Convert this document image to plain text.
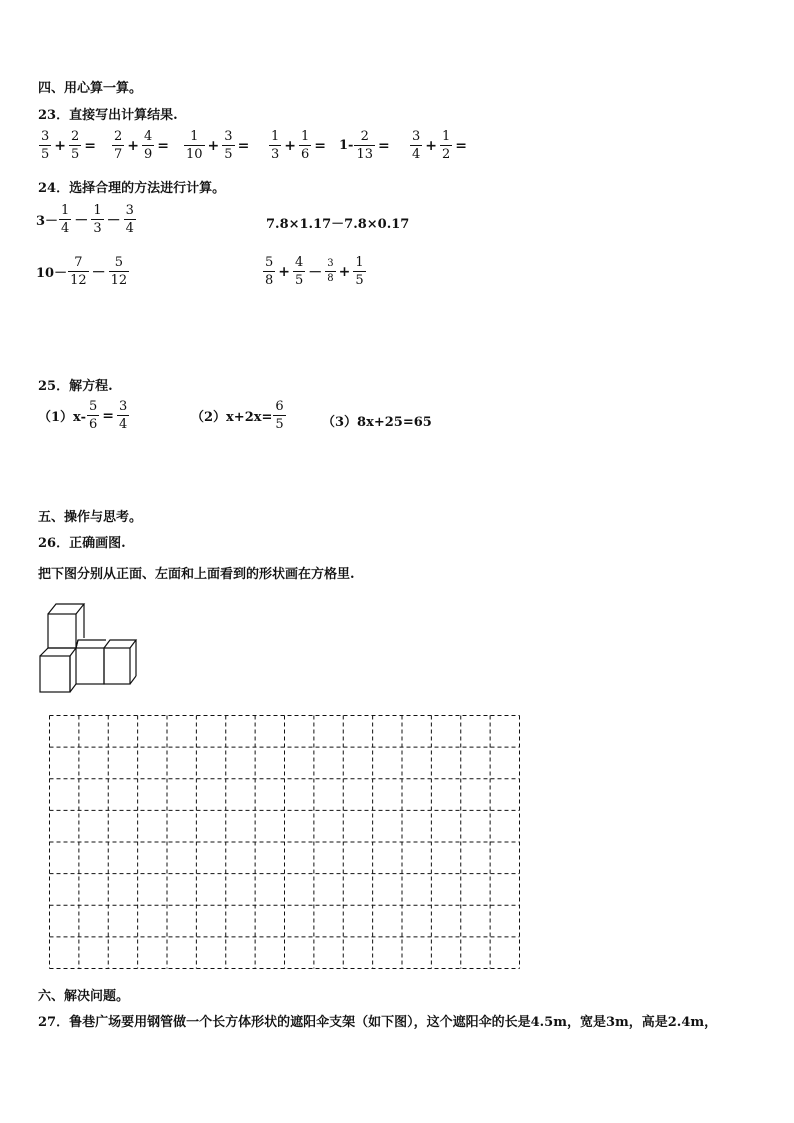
四、用心算一算。
23．直接写出计算结果.
$\frac{3}{5} + \frac{2}{5} = \frac{2}{7} + \frac{4}{9} = \frac{1}{10} + \frac{3}{5} = \frac{1}{3} + \frac{1}{6} = 1- \frac{2}{13} = \frac{3}{4} + \frac{1}{2}$ =
24．选择合理的方法进行计算。
$3- \frac{1}{4} - \frac{1}{3} - \frac{3}{4}$	7.8×1.17－7.8×0.17
$10- \frac{7}{12} - \frac{5}{12}$	$\frac{5}{8} + \frac{4}{5} - \frac{3}{8} + \frac{1}{5}$
25．解方程.
$(1)x- \frac{5}{6} = \frac{3}{4}$	$(2)x+2x= \frac{6}{5}$	（3）8x+25=65
五、操作与思考。
26．正确画图.
把下图分别从正面、左面和上面看到的形状画在方格里.
六、解决问题。
27．鲁巷广场要用钢管做一个长方体形状的遮阳伞支架（如下图），这个遮阳伞的长是4.5m，宽是3m，高是2.4m，
